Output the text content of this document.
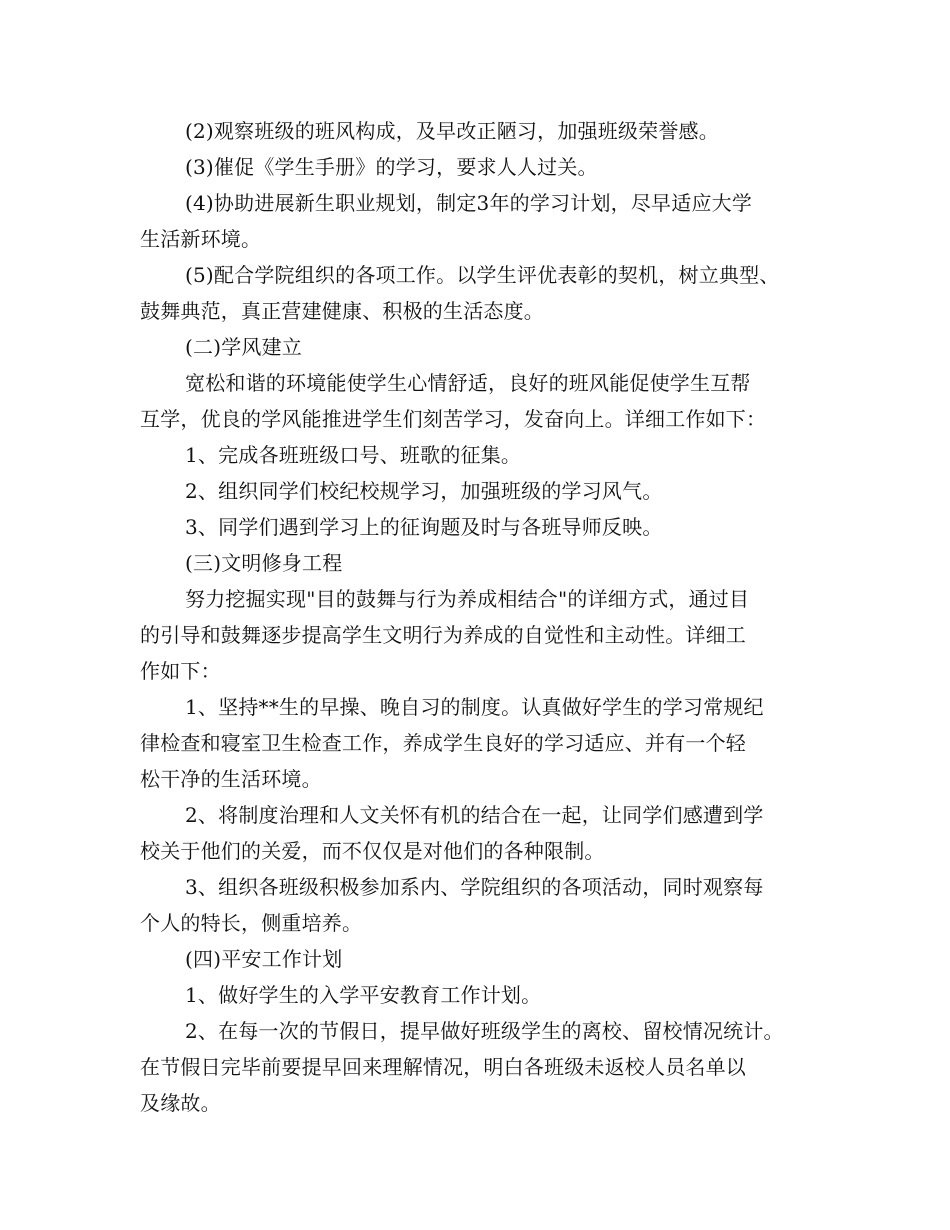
(2)观察班级的班风构成，及早改正陋习，加强班级荣誉感。
(3)催促《学生手册》的学习，要求人人过关。
(4)协助进展新生职业规划，制定3年的学习计划，尽早适应大学
生活新环境。
(5)配合学院组织的各项工作。以学生评优表彰的契机，树立典型、
鼓舞典范，真正营建健康、积极的生活态度。
(二)学风建立
宽松和谐的环境能使学生心情舒适，良好的班风能促使学生互帮
互学，优良的学风能推进学生们刻苦学习，发奋向上。详细工作如下：
1、完成各班班级口号、班歌的征集。
2、组织同学们校纪校规学习，加强班级的学习风气。
3、同学们遇到学习上的征询题及时与各班导师反映。
(三)文明修身工程
努力挖掘实现"目的鼓舞与行为养成相结合"的详细方式，通过目
的引导和鼓舞逐步提高学生文明行为养成的自觉性和主动性。详细工
作如下：
1、坚持**生的早操、晚自习的制度。认真做好学生的学习常规纪
律检查和寝室卫生检查工作，养成学生良好的学习适应、并有一个轻
松干净的生活环境。
2、将制度治理和人文关怀有机的结合在一起，让同学们感遭到学
校关于他们的关爱，而不仅仅是对他们的各种限制。
3、组织各班级积极参加系内、学院组织的各项活动，同时观察每
个人的特长，侧重培养。
(四)平安工作计划
1、做好学生的入学平安教育工作计划。
2、在每一次的节假日，提早做好班级学生的离校、留校情况统计。
在节假日完毕前要提早回来理解情况，明白各班级未返校人员名单以
及缘故。
